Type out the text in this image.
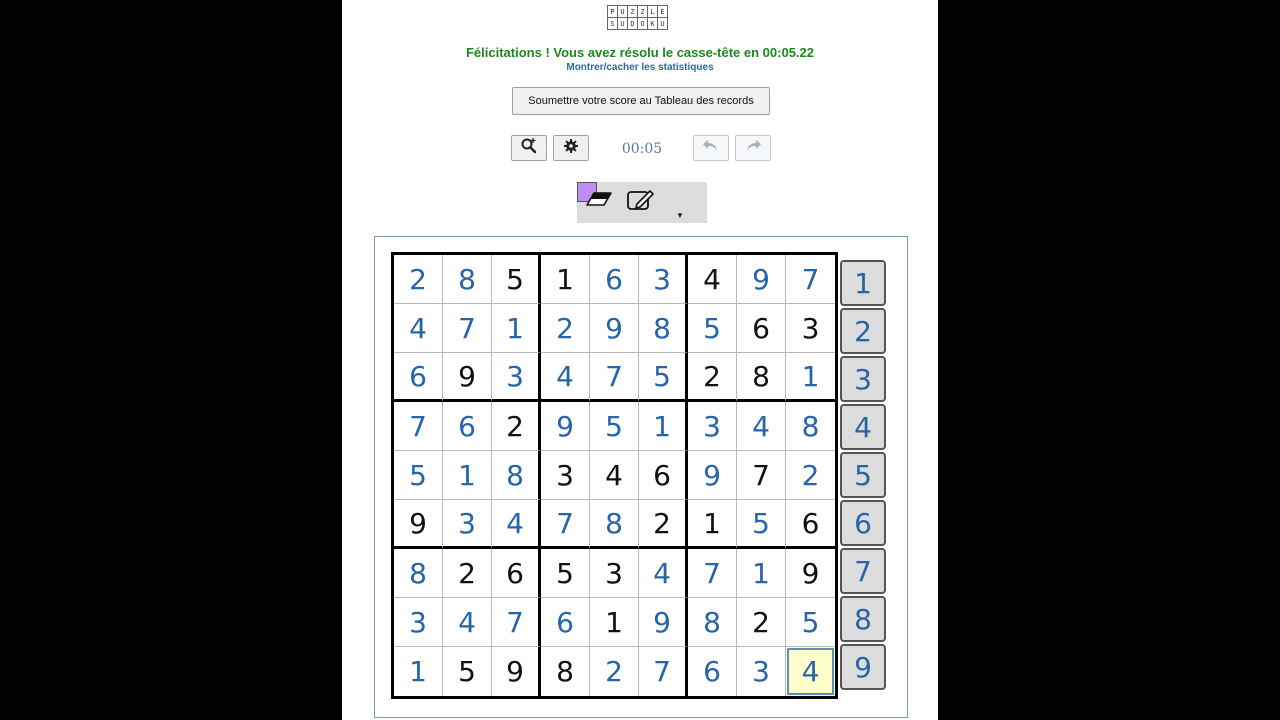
P U Z Z L E
S U D O K U
Félicitations ! Vous avez résolu le casse-tête en 00:05.22
Montrer/cacher les statistiques
Soumettre votre score au Tableau des records
00:05
▼
2	8	5	1	6	3	4	9	7
4	7	1	2	9	8	5	6	3
6	9	3	4	7	5	2	8	1
7	6	2	9	5	1	3	4	8
5	1	8	3	4	6	9	7	2
9	3	4	7	8	2	1	5	6
8	2	6	5	3	4	7	1	9
3	4	7	6	1	9	8	2	5
1	5	9	8	2	7	6	3	4
1
2
3
4
5
6
7
8
9
